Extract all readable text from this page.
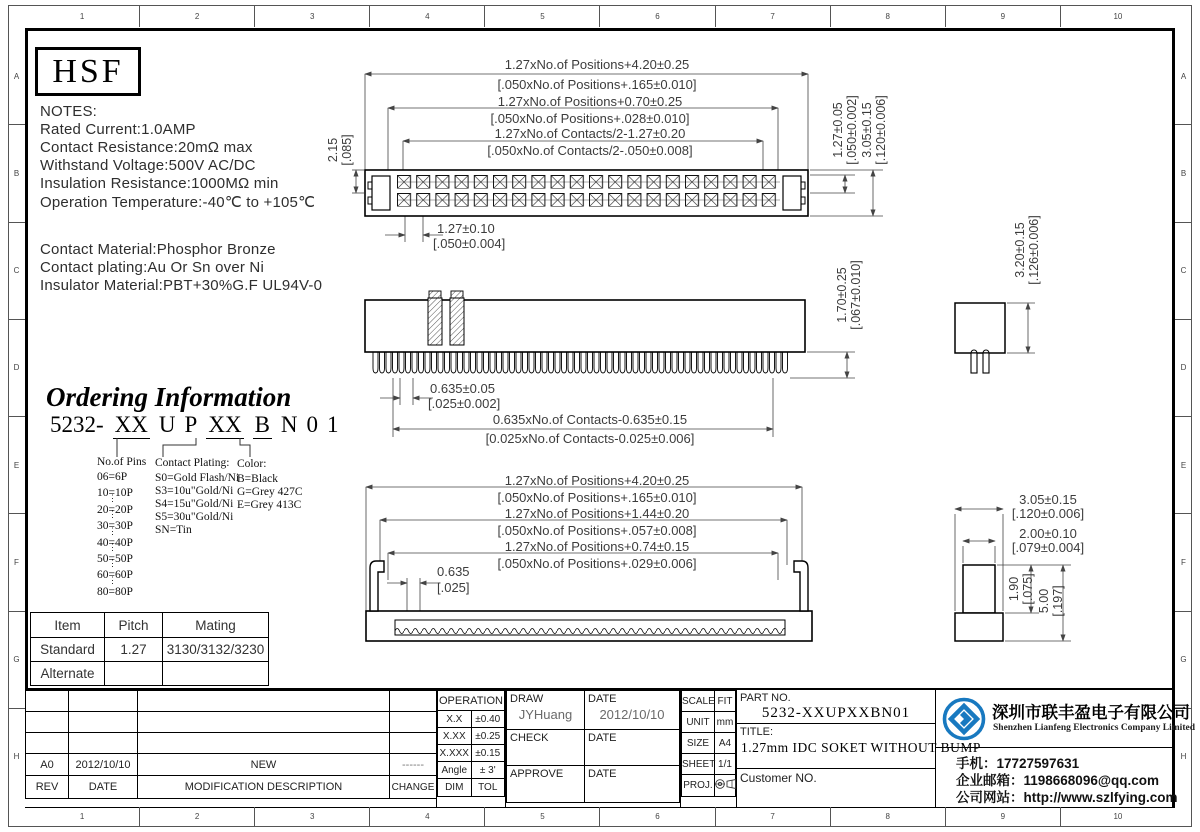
1	2	3	4	5	6	7	8	9	10
1	2	3	4	5	6	7	8	9	10
A
B
C
D
E
F
G
H
A
B
C
D
E
F
G
H
HSF
NOTES:
Rated Current:1.0AMP
Contact Resistance:20mΩ max
Withstand Voltage:500V AC/DC
Insulation Resistance:1000MΩ min
Operation Temperature:-40℃ to +105℃
Contact Material:Phosphor Bronze
Contact plating:Au Or Sn over Ni
Insulator Material:PBT+30%G.F UL94V-0
1.27xNo.of Positions+4.20±0.25
[.050xNo.of Positions+.165±0.010]
1.27xNo.of Positions+0.70±0.25
[.050xNo.of Positions+.028±0.010]
1.27xNo.of Contacts/2-1.27±0.20
[.050xNo.of Contacts/2-.050±0.008]
1.27±0.10
[.050±0.004]
2.15 [.085]	1.27±0.05 [.050±0.002] 3.05±0.15 [.120±0.006]
0.635±0.05
[.025±0.002]
0.635xNo.of Contacts-0.635±0.15
[0.025xNo.of Contacts-0.025±0.006]
1.70±0.25 [.067±0.010]
3.20±0.15 [.126±0.006]
Ordering Information
5232- XX U P XX B N 0 1
No.of Pins
06=6P
10=10P
⋮ 20=20P
⋮ 30=30P
⋮ 40=40P
⋮ 50=50P
⋮ 60=60P
⋮ 80=80P
Contact Plating:
S0=Gold Flash/Ni
S3=10u"Gold/Ni
S4=15u"Gold/Ni
S5=30u"Gold/Ni
SN=Tin
Color:
B=Black
G=Grey 427C
E=Grey 413C
1.27xNo.of Positions+4.20±0.25
[.050xNo.of Positions+.165±0.010]
1.27xNo.of Positions+1.44±0.20
[.050xNo.of Positions+.057±0.008]
1.27xNo.of Positions+0.74±0.15
[.050xNo.of Positions+.029±0.006]
0.635
[.025]
3.05±0.15
[.120±0.006]
2.00±0.10
[.079±0.004]
1.90 [.075] 5.00 [.197]
Item	Pitch	Mating
Standard	1.27	3130/3132/3230
Alternate		

A0	2012/10/10	NEW	------
REV	DATE	MODIFICATION DESCRIPTION	CHANGE
OPERATION	
X.X	±0.40
X.XX	±0.25
X.XXX	±0.15
Angle	± 3'
DIM	TOL
DRAW
JYHuang	DATE
2012/10/10

CHECK	DATE

APPROVE	DATE
SCALE	FIT
UNIT	mm
SIZE	A4
SHEET	1/1
PROJ.	
PART NO.
5232-XXUPXXBN01
TITLE:
1.27mm IDC SOKET WITHOUT BUMP
Customer NO.
深圳市联丰盈电子有限公司
Shenzhen Lianfeng Electronics Company Limited
手机：17727597631
企业邮箱：1198668096@qq.com
公司网站：http://www.szlfying.com
